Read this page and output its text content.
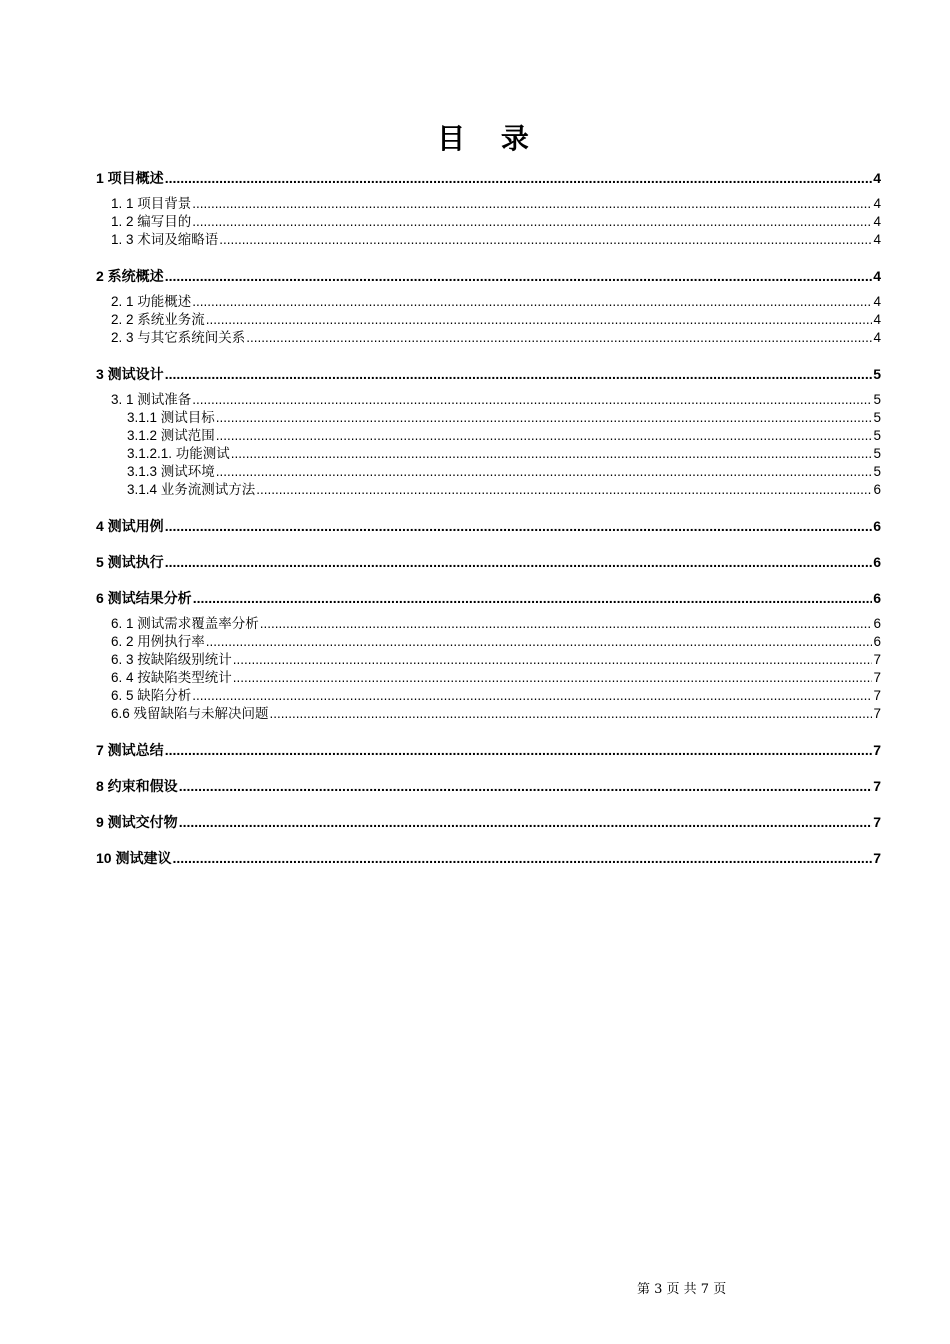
目 录
1 项目概述 .....	4
1. 1 项目背景 .....	4
1. 2 编写目的 .....	4
1. 3 术词及缩略语 .....	4
2 系统概述 .....	4
2. 1 功能概述 .....	4
2. 2 系统业务流 .....	4
2. 3 与其它系统间关系 .....	4
3 测试设计 .....	5
3. 1 测试准备 .....	5
3.1.1 测试目标 .....	5
3.1.2 测试范围 .....	5
3.1.2.1. 功能测试 .....	5
3.1.3 测试环境 .....	5
3.1.4 业务流测试方法 .....	6
4 测试用例 .....	6
5 测试执行 .....	6
6 测试结果分析 .....	6
6. 1 测试需求覆盖率分析 .....	6
6. 2 用例执行率 .....	6
6. 3 按缺陷级别统计 .....	7
6. 4 按缺陷类型统计 .....	7
6. 5 缺陷分析 .....	7
6.6 残留缺陷与未解决问题 .....	7
7 测试总结 .....	7
8 约束和假设 .....	7
9 测试交付物 .....	7
10 测试建议 .....	7
第 3 页 共 7 页
